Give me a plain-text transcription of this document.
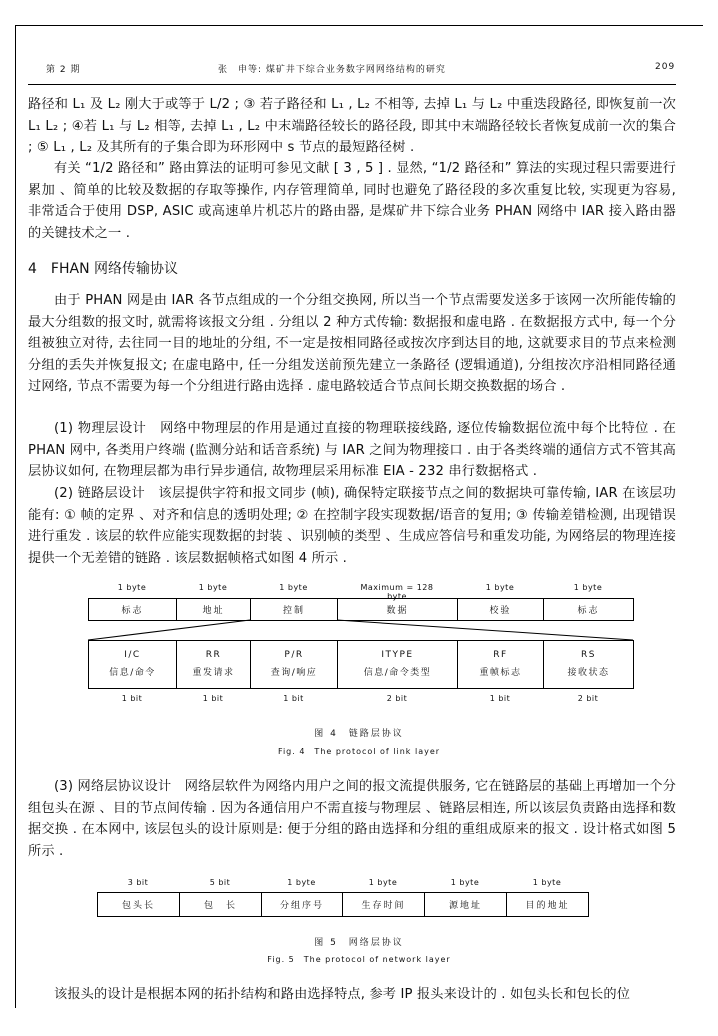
第 2 期	张　申等: 煤矿井下综合业务数字网网络结构的研究	209
路径和 L₁ 及 L₂ 刚大于或等于 L/2 ; ③ 若子路径和 L₁ , L₂ 不相等, 去掉 L₁ 与 L₂ 中重迭段路径, 即恢复前一次 L₁ L₂ ; ④若 L₁ 与 L₂ 相等, 去掉 L₁ , L₂ 中末端路径较长的路径段, 即其中末端路径较长者恢复成前一次的集合 ; ⑤ L₁ , L₂ 及其所有的子集合即为环形网中 s 节点的最短路径树 .
有关 “1/2 路径和” 路由算法的证明可参见文献 [ 3 , 5 ] . 显然, “1/2 路径和” 算法的实现过程只需要进行累加 、简单的比较及数据的存取等操作, 内存管理简单, 同时也避免了路径段的多次重复比较, 实现更为容易, 非常适合于使用 DSP, ASIC 或高速单片机芯片的路由器, 是煤矿井下综合业务 PHAN 网络中 IAR 接入路由器的关键技术之一 .
4　FHAN 网络传输协议
由于 PHAN 网是由 IAR 各节点组成的一个分组交换网, 所以当一个节点需要发送多于该网一次所能传输的最大分组数的报文时, 就需将该报文分组 . 分组以 2 种方式传输: 数据报和虚电路 . 在数据报方式中, 每一个分组被独立对待, 去往同一目的地址的分组, 不一定是按相同路径或按次序到达目的地, 这就要求目的节点来检测分组的丢失并恢复报文; 在虚电路中, 任一分组发送前预先建立一条路径 (逻辑通道), 分组按次序沿相同路径通过网络, 节点不需要为每一个分组进行路由选择 . 虚电路较适合节点间长期交换数据的场合 .
(1) 物理层设计　网络中物理层的作用是通过直接的物理联接线路, 逐位传输数据位流中每个比特位 . 在 PHAN 网中, 各类用户终端 (监测分站和话音系统) 与 IAR 之间为物理接口 . 由于各类终端的通信方式不管其高层协议如何, 在物理层都为串行异步通信, 故物理层采用标准 EIA - 232 串行数据格式 .
(2) 链路层设计　该层提供字符和报文同步 (帧), 确保特定联接节点之间的数据块可靠传输, IAR 在该层功能有: ① 帧的定界 、对齐和信息的透明处理; ② 在控制字段实现数据/语音的复用; ③ 传输差错检测, 出现错误进行重发 . 该层的软件应能实现数据的封装 、识别帧的类型 、生成应答信号和重发功能, 为网络层的物理连接提供一个无差错的链路 . 该层数据帧格式如图 4 所示 .
1 byte
标志
1 byte
地址
1 byte
控制
Maximum = 128 byte
数据
1 byte
校验
1 byte
标志
I/C
信息/命令
1 bit
RR
重发请求
1 bit
P/R
查询/响应
1 bit
ITYPE
信息/命令类型
2 bit
RF
重帧标志
1 bit
RS
接收状态
2 bit
图 4　链路层协议
Fig. 4　The protocol of link layer
(3) 网络层协议设计　网络层软件为网络内用户之间的报文流提供服务, 它在链路层的基础上再增加一个分组包头在源 、目的节点间传输 . 因为各通信用户不需直接与物理层 、链路层相连, 所以该层负责路由选择和数据交换 . 在本网中, 该层包头的设计原则是: 便于分组的路由选择和分组的重组成原来的报文 . 设计格式如图 5 所示 .
3 bit
包头长
5 bit
包　长
1 byte
分组序号
1 byte
生存时间
1 byte
源地址
1 byte
目的地址
图 5　网络层协议
Fig. 5　The protocol of network layer
该报头的设计是根据本网的拓扑结构和路由选择特点, 参考 IP 报头来设计的 . 如包头长和包长的位
